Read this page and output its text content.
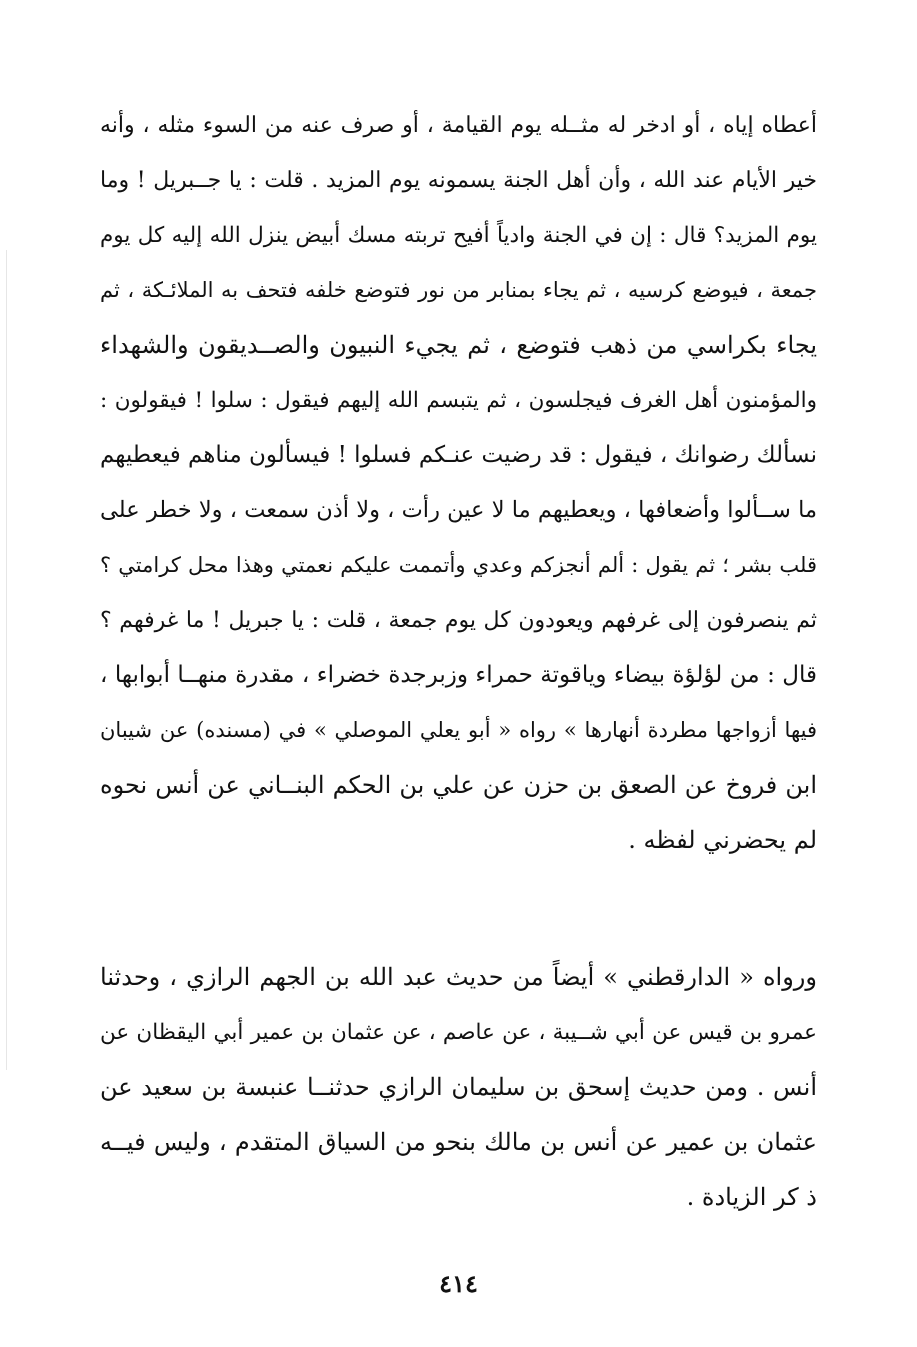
أعطاه إياه ، أو ادخر له مثــله يوم القيامة ، أو صرف عنه من السوء مثله ، وأنه
خير الأيام عند الله ، وأن أهل الجنة يسمونه يوم المزيد . قلت : يا جــبريل ! وما
يوم المزيد؟ قال : إن في الجنة وادياً أفيح تربته مسك أبيض ينزل الله إليه كل يوم
جمعة ، فيوضع كرسيه ، ثم يجاء بمنابر من نور فتوضع خلفه فتحف به الملائـكة ، ثم
يجاء بكراسي من ذهب فتوضع ، ثم يجيء النبيون والصــديقون والشهداء
والمؤمنون أهل الغرف فيجلسون ، ثم يتبسم الله إليهم فيقول : سلوا ! فيقولون :
نسألك رضوانك ، فيقول : قد رضيت عنـكم فسلوا ! فيسألون مناهم فيعطيهم
ما ســألوا وأضعافها ، ويعطيهم ما لا عين رأت ، ولا أذن سمعت ، ولا خطر على
قلب بشر ؛ ثم يقول : ألم أنجزكم وعدي وأتممت عليكم نعمتي وهذا محل كرامتي ؟
ثم ينصرفون إلى غرفهم ويعودون كل يوم جمعة ، قلت : يا جبريل ! ما غرفهم ؟
قال : من لؤلؤة بيضاء وياقوتة حمراء وزبرجدة خضراء ، مقدرة منهــا أبوابها ،
فيها أزواجها مطردة أنهارها » رواه « أبو يعلي الموصلي » في (مسنده) عن شيبان
ابن فروخ عن الصعق بن حزن عن علي بن الحكم البنــاني عن أنس نحوه
لم يحضرني لفظه .
ورواه « الدارقطني » أيضاً من حديث عبد الله بن الجهم الرازي ، وحدثنا
عمرو بن قيس عن أبي شــيبة ، عن عاصم ، عن عثمان بن عمير أبي اليقظان عن
أنس . ومن حديث إسحق بن سليمان الرازي حدثنــا عنبسة بن سعيد عن
عثمان بن عمير عن أنس بن مالك بنحو من السياق المتقدم ، وليس فيــه
ذ كر الزيادة .
٤١٤
